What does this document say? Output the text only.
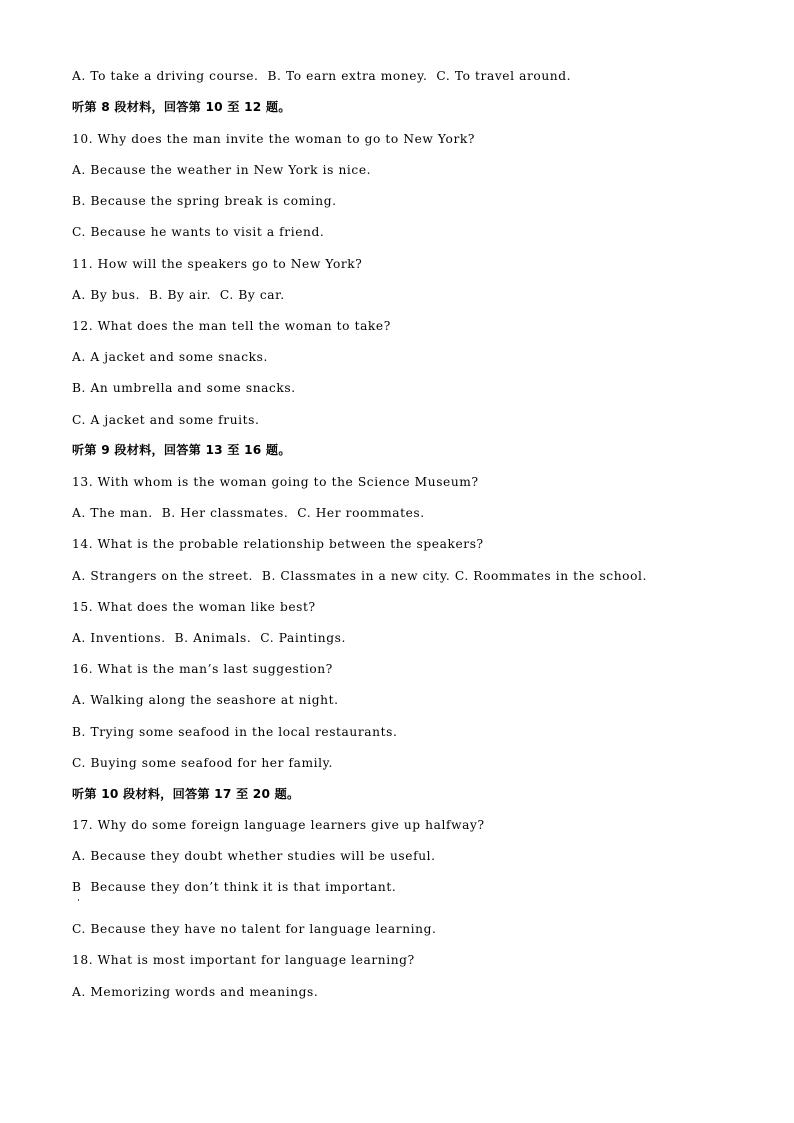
A. To take a driving course.  B. To earn extra money.  C. To travel around.
听第 8 段材料，回答第 10 至 12 题。
10. Why does the man invite the woman to go to New York?
A. Because the weather in New York is nice.
B. Because the spring break is coming.
C. Because he wants to visit a friend.
11. How will the speakers go to New York?
A. By bus.  B. By air.  C. By car.
12. What does the man tell the woman to take?
A. A jacket and some snacks.
B. An umbrella and some snacks.
C. A jacket and some fruits.
听第 9 段材料，回答第 13 至 16 题。
13. With whom is the woman going to the Science Museum?
A. The man.  B. Her classmates.  C. Her roommates.
14. What is the probable relationship between the speakers?
A. Strangers on the street.  B. Classmates in a new city. C. Roommates in the school.
15. What does the woman like best?
A. Inventions.  B. Animals.  C. Paintings.
16. What is the man’s last suggestion?
A. Walking along the seashore at night.
B. Trying some seafood in the local restaurants.
C. Buying some seafood for her family.
听第 10 段材料，回答第 17 至 20 题。
17. Why do some foreign language learners give up halfway?
A. Because they doubt whether studies will be useful.
B  Because they don’t think it is that important.
C. Because they have no talent for language learning.
18. What is most important for language learning?
A. Memorizing words and meanings.
